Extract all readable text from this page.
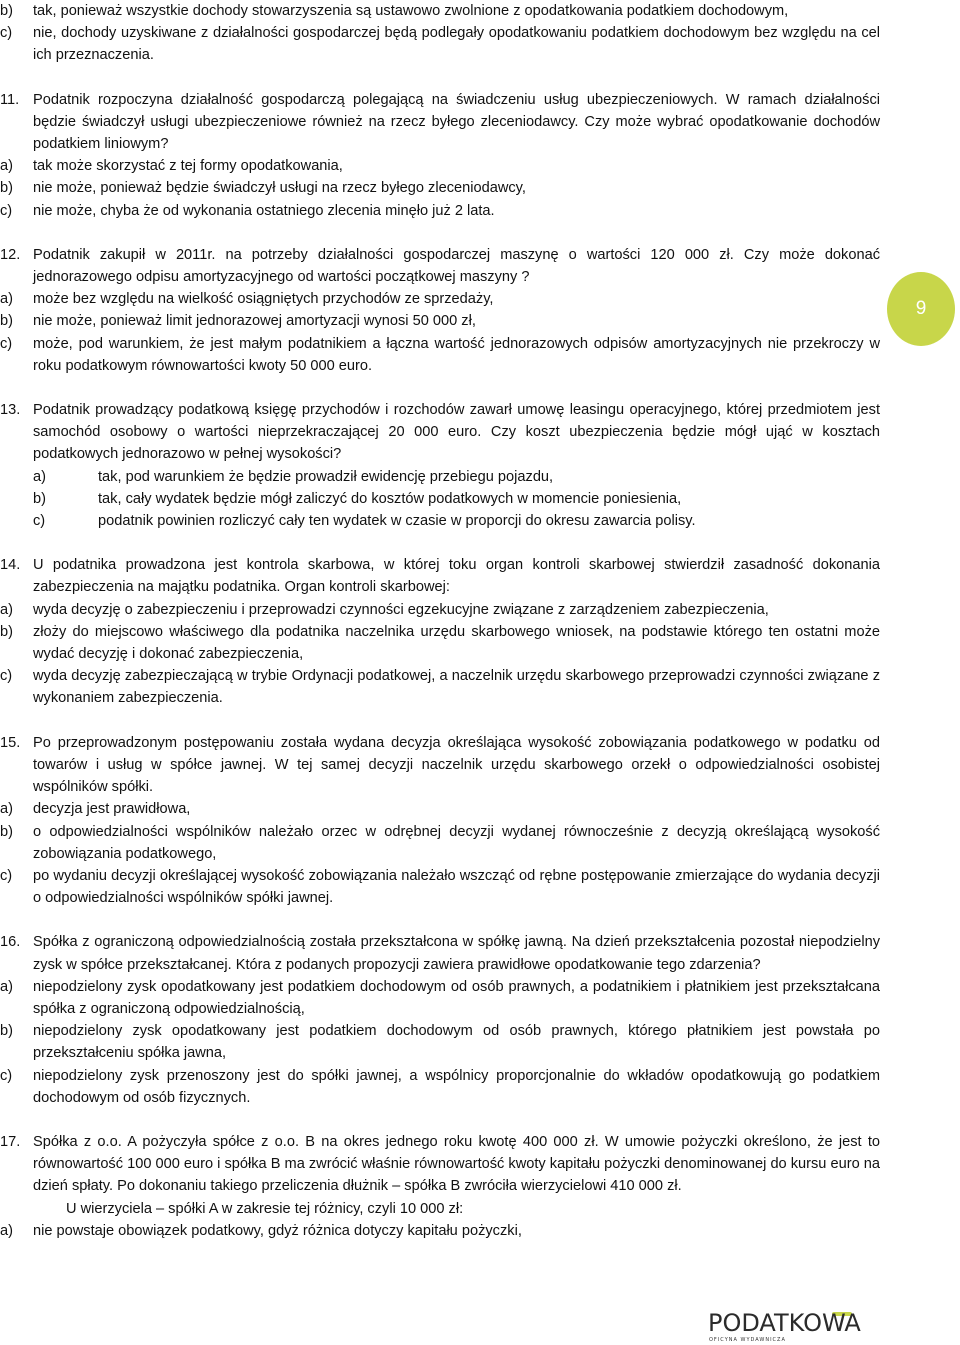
b) tak, ponieważ wszystkie dochody stowarzyszenia są ustawowo zwolnione z opodatkowania podatkiem dochodowym,
c) nie, dochody uzyskiwane z działalności gospodarczej będą podlegały opodatkowaniu podatkiem dochodowym bez względu na cel ich przeznaczenia.
11. Podatnik rozpoczyna działalność gospodarczą polegającą na świadczeniu usług ubezpieczeniowych. W ramach działalności będzie świadczył usługi ubezpieczeniowe również na rzecz byłego zleceniodawcy. Czy może wybrać opodatkowanie dochodów podatkiem liniowym?
a) tak może skorzystać z tej formy opodatkowania,
b) nie może, ponieważ będzie świadczył usługi na rzecz byłego zleceniodawcy,
c) nie może, chyba że od wykonania ostatniego zlecenia minęło już 2 lata.
12. Podatnik zakupił w 2011r. na potrzeby działalności gospodarczej maszynę o wartości 120 000 zł. Czy może dokonać jednorazowego odpisu amortyzacyjnego od wartości początkowej maszyny ?
a) może bez względu na wielkość osiągniętych przychodów ze sprzedaży,
b) nie może, ponieważ limit jednorazowej amortyzacji wynosi 50 000 zł,
c) może, pod warunkiem, że jest małym podatnikiem a łączna wartość jednorazowych odpisów amortyzacyjnych nie przekroczy w roku podatkowym równowartości kwoty 50 000 euro.
13. Podatnik prowadzący podatkową księgę przychodów i rozchodów zawarł umowę leasingu operacyjnego, której przedmiotem jest samochód osobowy o wartości nieprzekraczającej 20 000 euro. Czy koszt ubezpieczenia będzie mógł ująć w kosztach podatkowych jednorazowo w pełnej wysokości?
a)	tak, pod warunkiem że będzie prowadził ewidencję przebiegu pojazdu,
b)	tak, cały wydatek będzie mógł zaliczyć do kosztów podatkowych w momencie poniesienia,
c)	podatnik powinien rozliczyć cały ten wydatek w czasie w proporcji do okresu zawarcia polisy.
14. U podatnika prowadzona jest kontrola skarbowa, w której toku organ kontroli skarbowej stwierdził zasadność dokonania zabezpieczenia na majątku podatnika. Organ kontroli skarbowej:
a) wyda decyzję o zabezpieczeniu i przeprowadzi czynności egzekucyjne związane z zarządzeniem zabezpieczenia,
b) złoży do miejscowo właściwego dla podatnika naczelnika urzędu skarbowego wniosek, na podstawie którego ten ostatni może wydać decyzję i dokonać zabezpieczenia,
c) wyda decyzję zabezpieczającą w trybie Ordynacji podatkowej, a naczelnik urzędu skarbowego przeprowadzi czynności związane z wykonaniem zabezpieczenia.
15. Po przeprowadzonym postępowaniu została wydana decyzja określająca wysokość zobowiązania podatkowego w podatku od towarów i usług w spółce jawnej. W tej samej decyzji naczelnik urzędu skarbowego orzekł o odpowiedzialności osobistej wspólników spółki.
a) decyzja jest prawidłowa,
b) o odpowiedzialności wspólników należało orzec w odrębnej decyzji wydanej równocześnie z decyzją określającą wysokość zobowiązania podatkowego,
c) po wydaniu decyzji określającej wysokość zobowiązania należało wszcząć od rębne postępowanie zmierzające do wydania decyzji o odpowiedzialności wspólników spółki jawnej.
16. Spółka z ograniczoną odpowiedzialnością została przekształcona w spółkę jawną. Na dzień przekształcenia pozostał niepodzielny zysk w spółce przekształcanej. Która z podanych propozycji zawiera prawidłowe opodatkowanie tego zdarzenia?
a) niepodzielony zysk opodatkowany jest podatkiem dochodowym od osób prawnych, a podatnikiem i płatnikiem jest przekształcana spółka z ograniczoną odpowiedzialnością,
b) niepodzielony zysk opodatkowany jest podatkiem dochodowym od osób prawnych, którego płatnikiem jest powstała po przekształceniu spółka jawna,
c) niepodzielony zysk przenoszony jest do spółki jawnej, a wspólnicy proporcjonalnie do wkładów opodatkowują go podatkiem dochodowym od osób fizycznych.
17. Spółka z o.o. A pożyczyła spółce z o.o. B na okres jednego roku kwotę 400 000 zł. W umowie pożyczki określono, że jest to równowartość 100 000 euro i spółka B ma zwrócić właśnie równowartość kwoty kapitału pożyczki denominowanej do kursu euro na dzień spłaty. Po dokonaniu takiego przeliczenia dłużnik – spółka B zwróciła wierzycielowi 410 000 zł.
U wierzyciela – spółki A w zakresie tej różnicy, czyli 10 000 zł:
a) nie powstaje obowiązek podatkowy, gdyż różnica dotyczy kapitału pożyczki,
9
PODATKOWA
OFICYNA WYDAWNICZA
